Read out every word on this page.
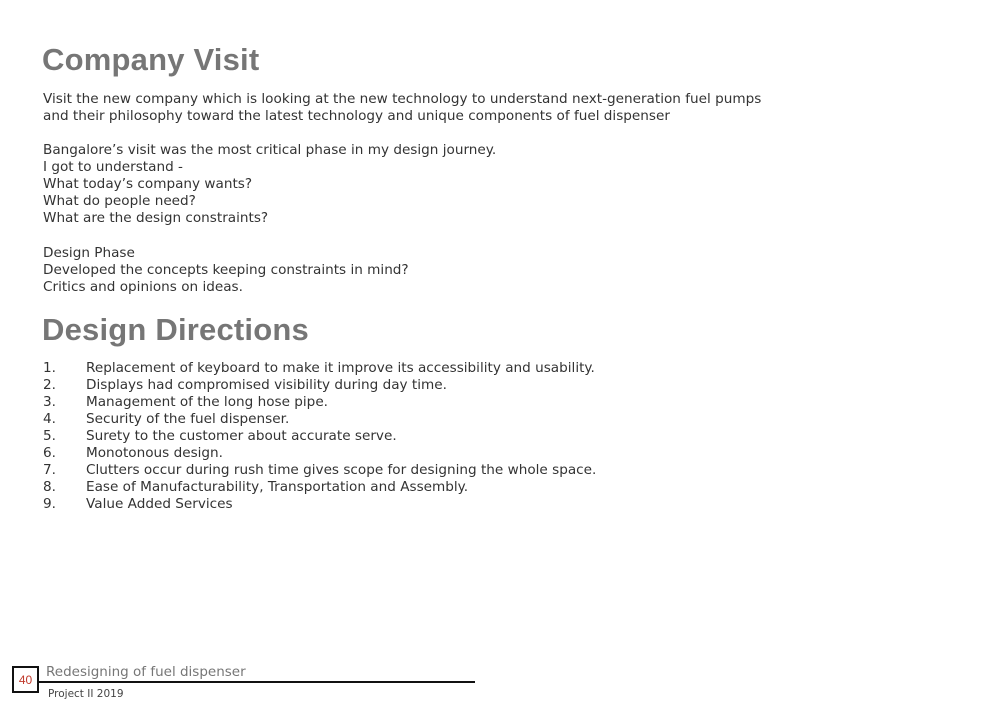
Company Visit
Visit the new company which is looking at the new technology to understand next-generation fuel pumps
and their philosophy toward the latest technology and unique components of fuel dispenser
Bangalore’s visit was the most critical phase in my design journey.
I got to understand -
What today’s company wants?
What do people need?
What are the design constraints?
Design Phase
Developed the concepts keeping constraints in mind?
Critics and opinions on ideas.
Design Directions
1.	Replacement of keyboard to make it improve its accessibility and usability.
2.	Displays had compromised visibility during day time.
3.	Management of the long hose pipe.
4.	Security of the fuel dispenser.
5.	Surety to the customer about accurate serve.
6.	Monotonous design.
7.	Clutters occur during rush time gives scope for designing the whole space.
8.	Ease of Manufacturability, Transportation and Assembly.
9.	Value Added Services
40	Redesigning of fuel dispenser
Project II 2019
